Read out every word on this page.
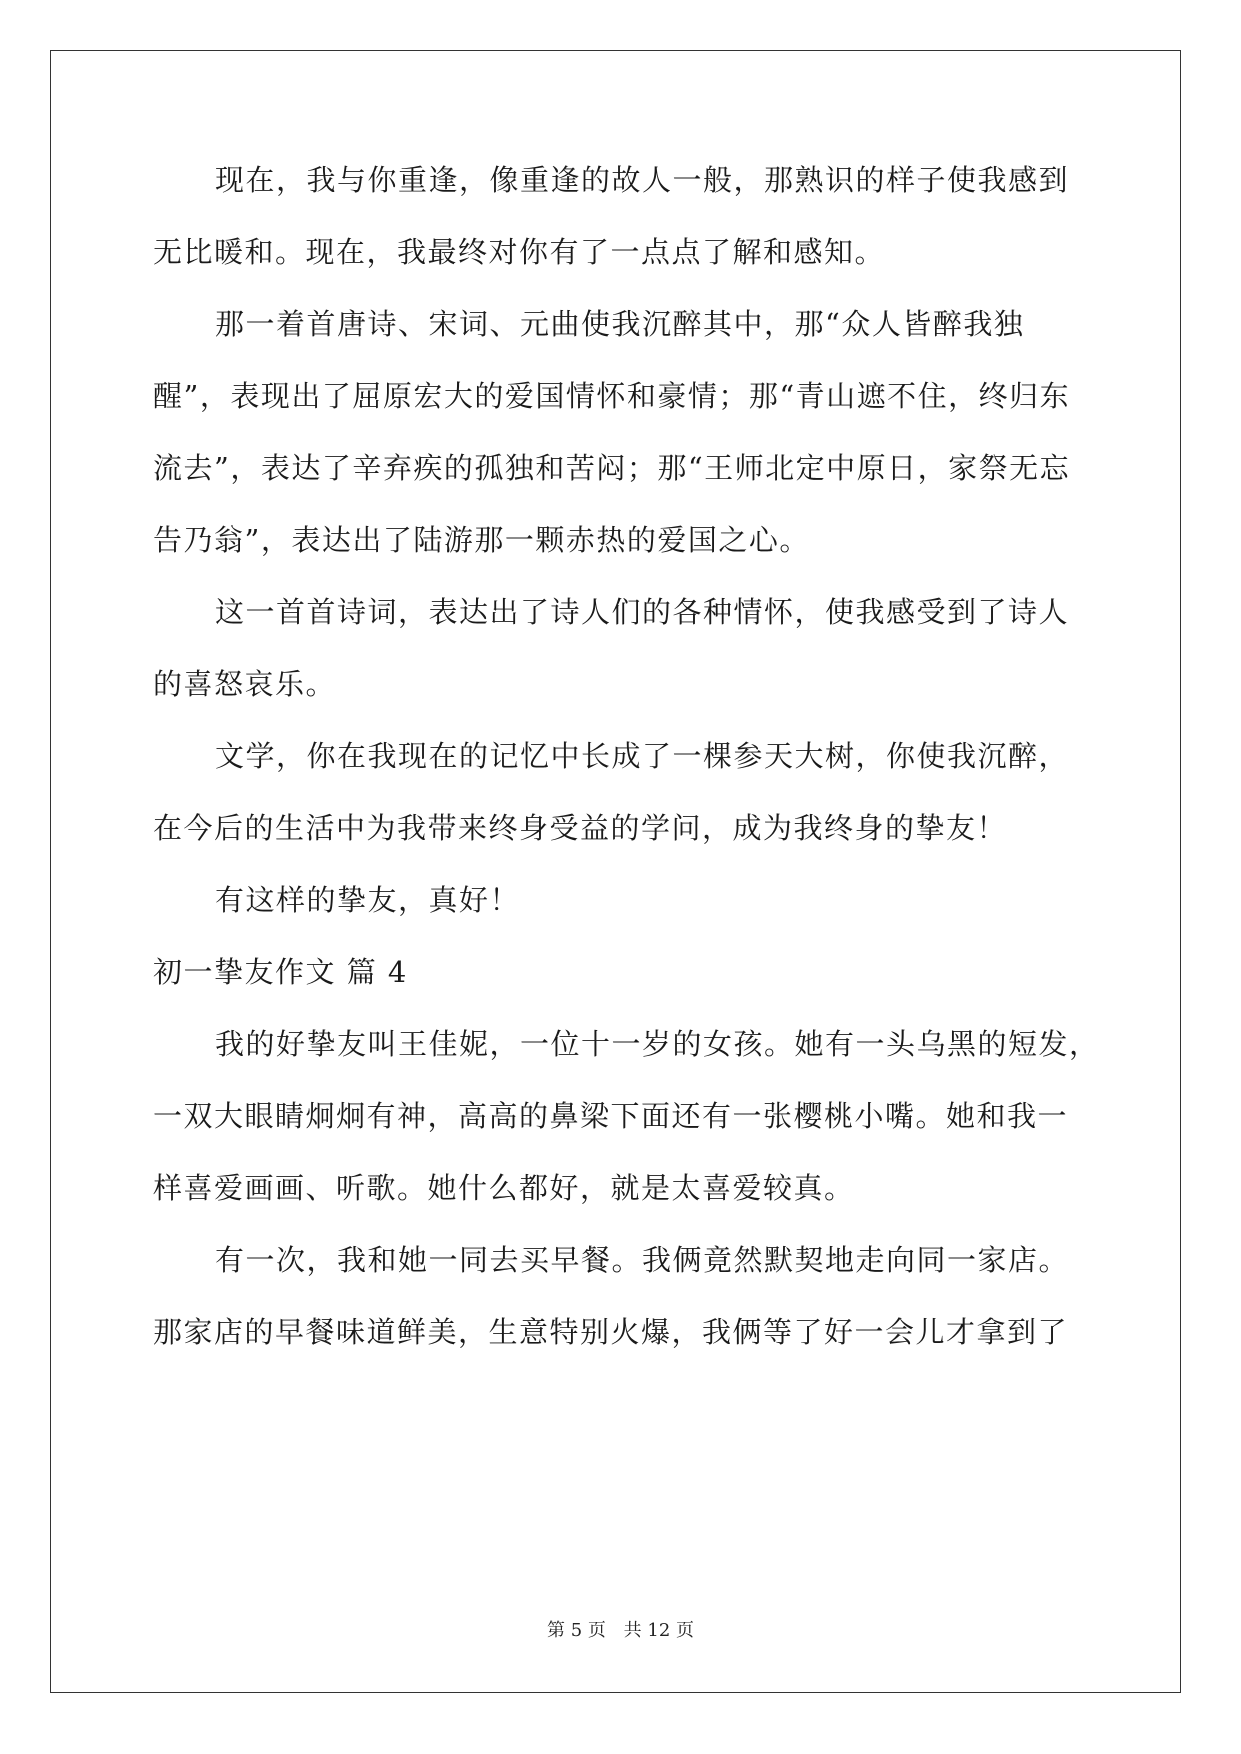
现在，我与你重逢，像重逢的故人一般，那熟识的样子使我感到
无比暖和。现在，我最终对你有了一点点了解和感知。
那一着首唐诗、宋词、元曲使我沉醉其中，那“众人皆醉我独
醒”，表现出了屈原宏大的爱国情怀和豪情；那“青山遮不住，终归东
流去”，表达了辛弃疾的孤独和苦闷；那“王师北定中原日，家祭无忘
告乃翁”，表达出了陆游那一颗赤热的爱国之心。
这一首首诗词，表达出了诗人们的各种情怀，使我感受到了诗人
的喜怒哀乐。
文学，你在我现在的记忆中长成了一棵参天大树，你使我沉醉，
在今后的生活中为我带来终身受益的学问，成为我终身的挚友！
有这样的挚友，真好！
初一挚友作文 篇 4
我的好挚友叫王佳妮，一位十一岁的女孩。她有一头乌黑的短发，
一双大眼睛炯炯有神，高高的鼻梁下面还有一张樱桃小嘴。她和我一
样喜爱画画、听歌。她什么都好，就是太喜爱较真。
有一次，我和她一同去买早餐。我俩竟然默契地走向同一家店。
那家店的早餐味道鲜美，生意特别火爆，我俩等了好一会儿才拿到了
第 5 页 共 12 页
